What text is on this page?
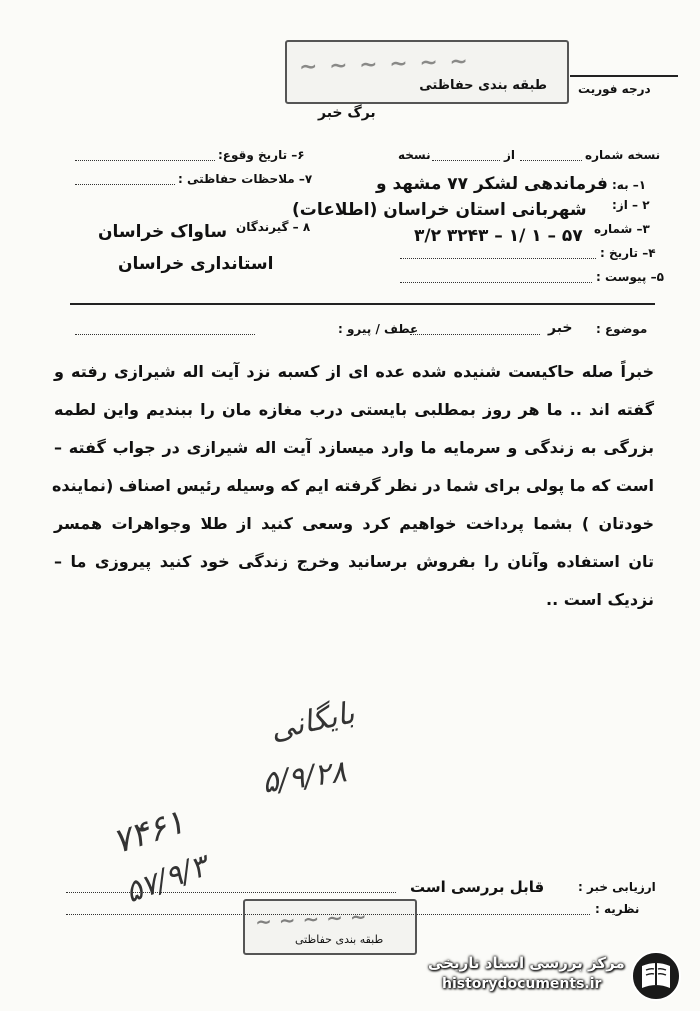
~ ~ ~ ~ ~ ~
طبقه بندی حفاظتی
برگ خبر
درجه فوریت
نسخه شماره
از
نسخه
۶– تاریخ وقوع:
۷– ملاحظات حفاظتی :
۸ – گیرندگان
ساواک خراسان
استانداری خراسان
۱– به:
فرماندهی لشکر ۷۷ مشهد و
۲ – از:
شهربانی استان خراسان (اطلاعات)
۳– شماره
۳/۲ ۳۲۴۳ – ۱/ ۱ – ۵۷
۴– تاریخ :
۵– پیوست :
موضوع :
خبر
عطف / پیرو :
خبراً صله حاکیست شنیده شده عده ای از کسبه نزد آیت اله شیرازی رفته و
گفته اند .. ما هر روز بمطلبی بایستی درب مغازه مان را ببندیم واین لطمه
بزرگی به زندگی و سرمایه ما وارد میسازد آیت اله شیرازی در جواب گفته –
است که ما پولی برای شما در نظر گرفته ایم که وسیله رئیس اصناف (نماینده
خودتان ) بشما پرداخت خواهیم کرد وسعی کنید از طلا وجواهرات همسر
تان استفاده وآنان را بفروش برسانید وخرج زندگی خود کنید پیروزی ما –
نزدیک است ..
بایگانی
۵/۹/۲۸
۷۴۶۱
۵۷/۹/۳	ارزیابی خبر :
قابل بررسی است
نظریه :
~ ~ ~ ~ ~
طبقه بندی حفاظتی
مرکز بررسی اسناد تاریخی
historydocuments.ir
